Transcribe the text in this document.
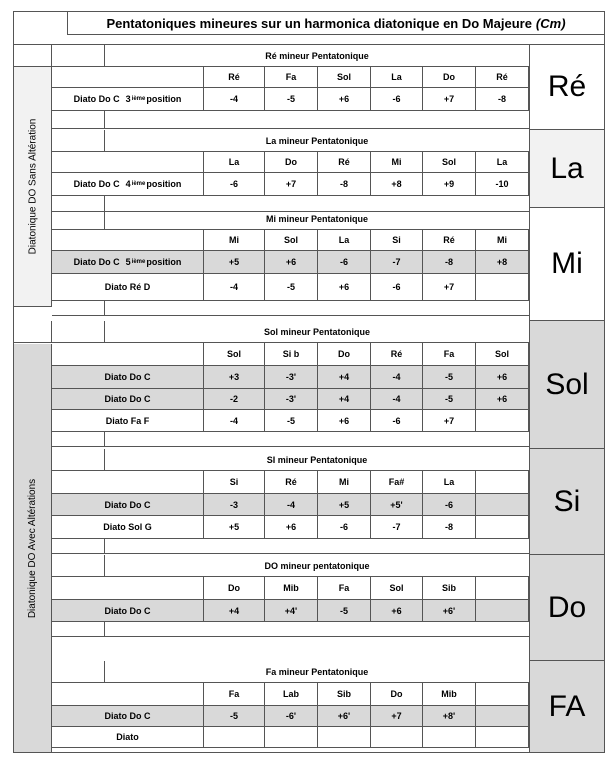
Pentatoniques mineures sur un harmonica diatonique en Do Majeure (Cm)
Diatonique DO Sans Altération
Diatonique DO Avec Altérations
Ré
La
Mi
Sol
Si
Do
FA
Ré mineur Pentatonique
Ré	Fa	Sol	La	Do	Ré
Diato Do C 3 ième position	-4	-5	+6	-6	+7	-8
La mineur Pentatonique
La	Do	Ré	Mi	Sol	La
Diato Do C 4 ième position	-6	+7	-8	+8	+9	-10
Mi mineur Pentatonique
Mi	Sol	La	Si	Ré	Mi
Diato Do C 5 ième position	+5	+6	-6	-7	-8	+8
Diato Ré D	-4	-5	+6	-6	+7
Sol mineur Pentatonique
Sol	Si b	Do	Ré	Fa	Sol
Diato Do C	+3	-3'	+4	-4	-5	+6
Diato Do C	-2	-3'	+4	-4	-5	+6
Diato Fa F	-4	-5	+6	-6	+7
SI mineur Pentatonique
Si	Ré	Mi	Fa#	La
Diato Do C	-3	-4	+5	+5'	-6
Diato Sol G	+5	+6	-6	-7	-8
DO mineur pentatonique
Do	Mib	Fa	Sol	Sib
Diato Do C	+4	+4'	-5	+6	+6'
Fa mineur Pentatonique
Fa	Lab	Sib	Do	Mib
Diato Do C	-5	-6'	+6'	+7	+8'
Diato
